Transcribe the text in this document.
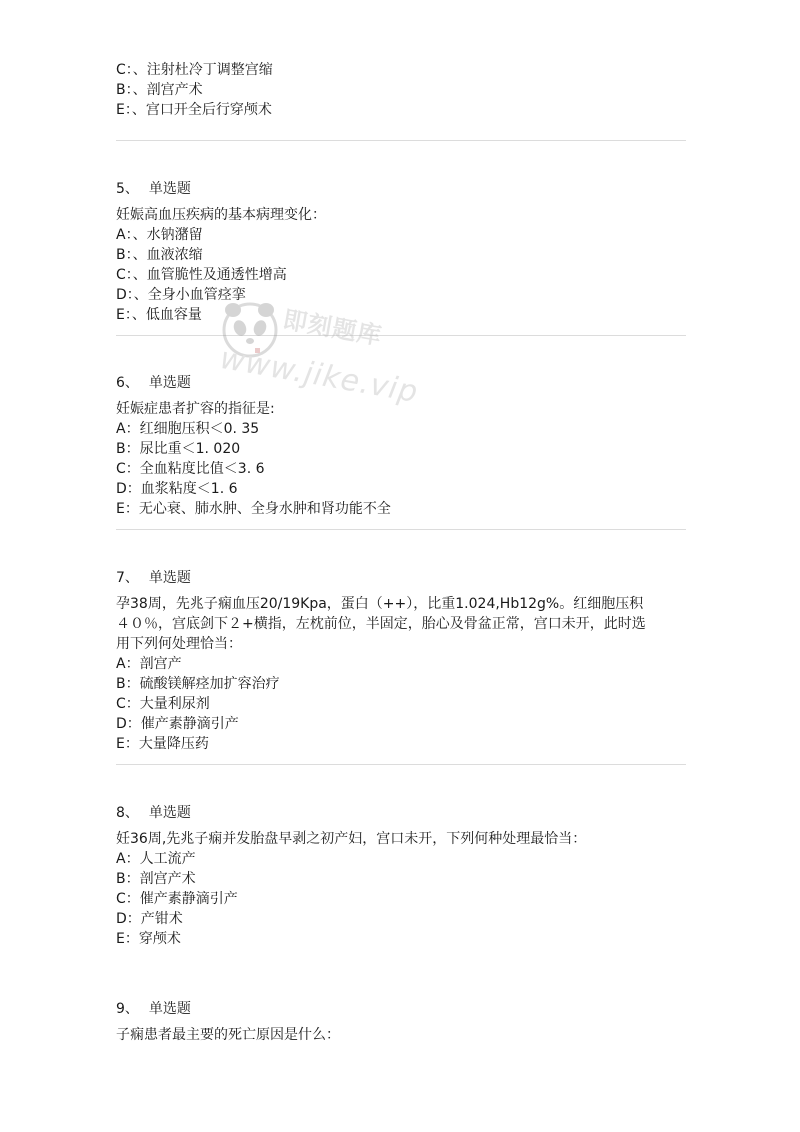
C：、注射杜冷丁调整宫缩
B：、剖宫产术
E：、宫口开全后行穿颅术
5、 单选题
妊娠高血压疾病的基本病理变化：
A：、水钠潴留
B：、血液浓缩
C：、血管脆性及通透性增高
D：、全身小血管痉挛
E：、低血容量
6、 单选题
妊娠症患者扩容的指征是:
A：红细胞压积＜0. 35
B：尿比重＜1. 020
C：全血粘度比值＜3. 6
D：血浆粘度＜1. 6
E：无心衰、肺水肿、全身水肿和肾功能不全
7、 单选题
孕38周，先兆子痫血压20/19Kpa，蛋白（++），比重1.024,Hb12g%。红细胞压积
４０％，宫底剑下２+横指，左枕前位，半固定，胎心及骨盆正常，宫口未开，此时选
用下列何处理恰当：
A：剖宫产
B：硫酸镁解痉加扩容治疗
C：大量利尿剂
D：催产素静滴引产
E：大量降压药
8、 单选题
妊36周,先兆子痫并发胎盘早剥之初产妇，宫口未开，下列何种处理最恰当：
A：人工流产
B：剖宫产术
C：催产素静滴引产
D：产钳术
E：穿颅术
9、 单选题
子痫患者最主要的死亡原因是什么：
即刻题库
www.jike.vip
